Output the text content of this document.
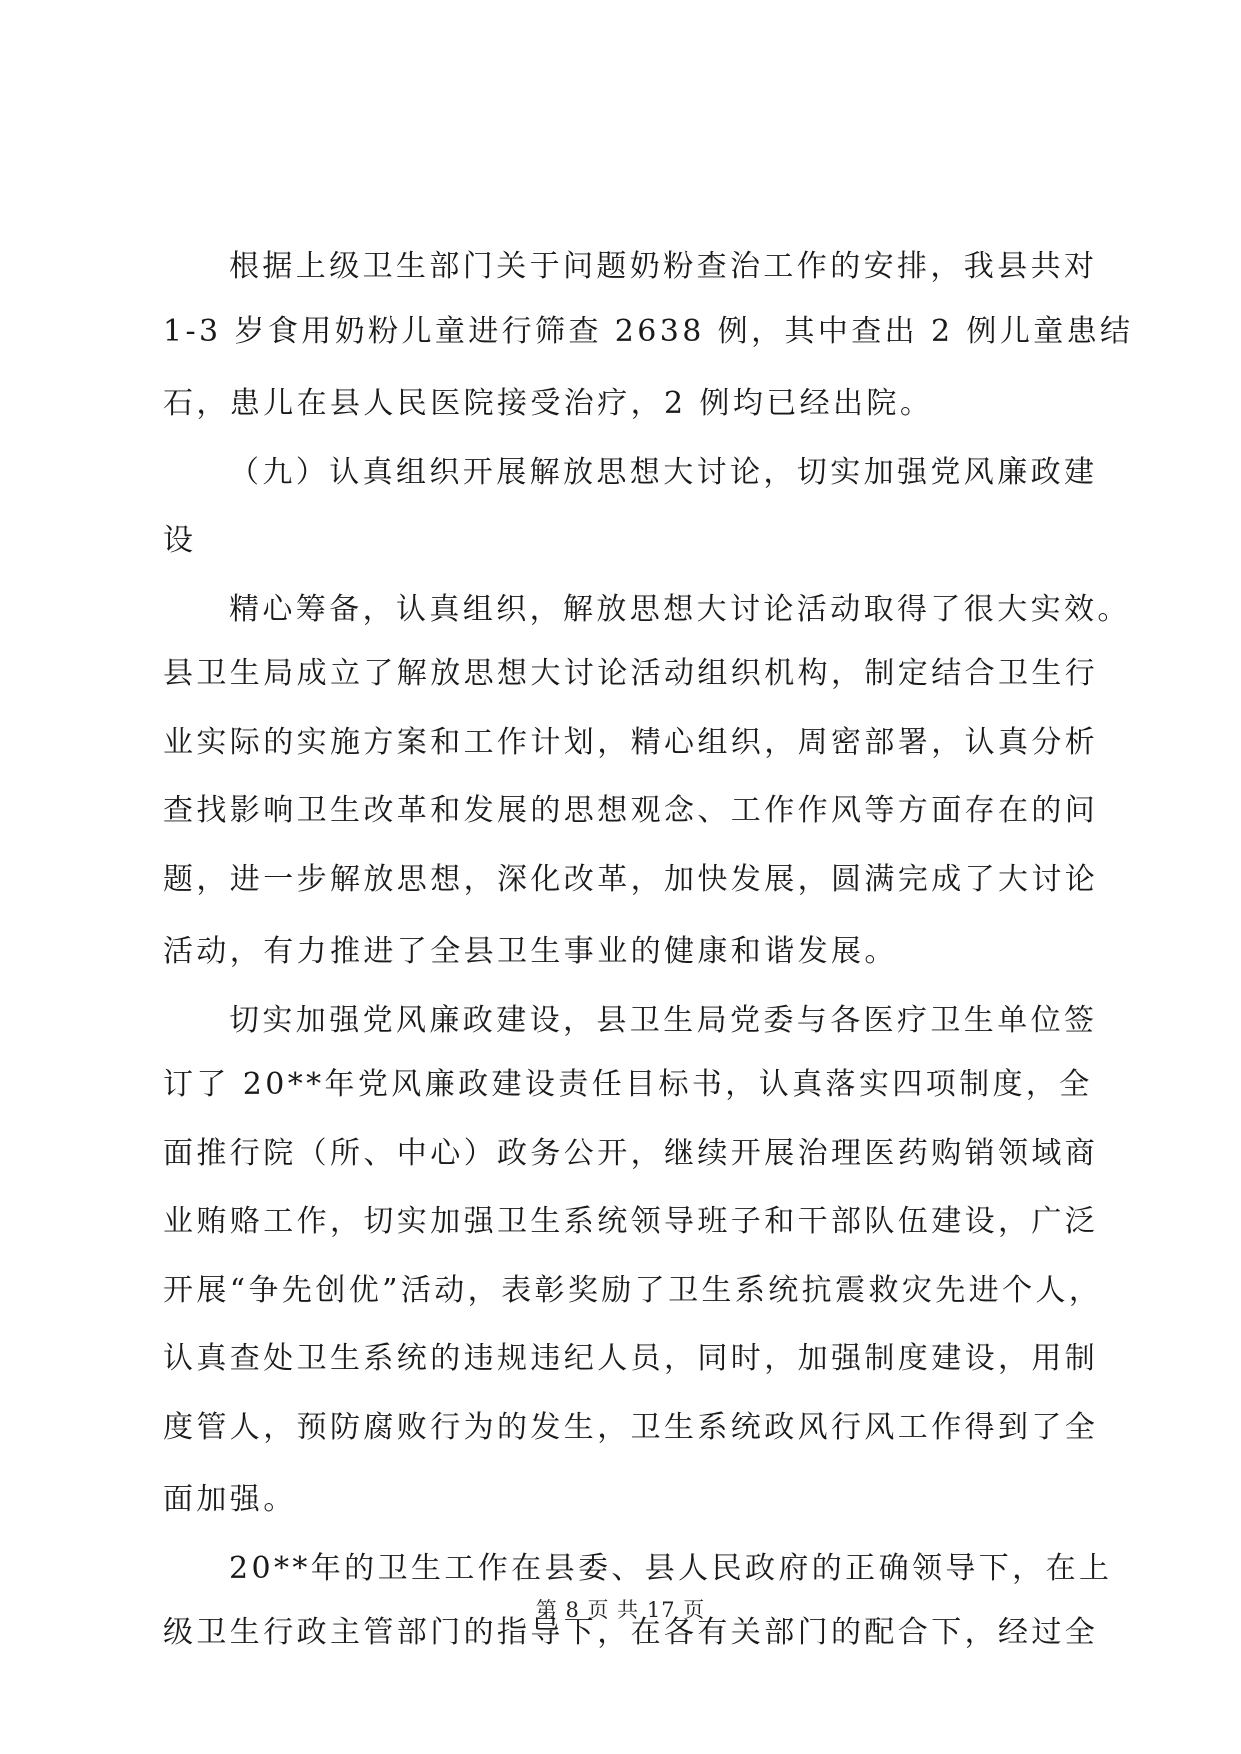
根据上级卫生部门关于问题奶粉查治工作的安排，我县共对
1-3 岁食用奶粉儿童进行筛查 2638 例，其中查出 2 例儿童患结
石，患儿在县人民医院接受治疗，2 例均已经出院。
（九）认真组织开展解放思想大讨论，切实加强党风廉政建
设
精心筹备，认真组织，解放思想大讨论活动取得了很大实效。
县卫生局成立了解放思想大讨论活动组织机构，制定结合卫生行
业实际的实施方案和工作计划，精心组织，周密部署，认真分析
查找影响卫生改革和发展的思想观念、工作作风等方面存在的问
题，进一步解放思想，深化改革，加快发展，圆满完成了大讨论
活动，有力推进了全县卫生事业的健康和谐发展。
切实加强党风廉政建设，县卫生局党委与各医疗卫生单位签
订了 20**年党风廉政建设责任目标书，认真落实四项制度，全
面推行院（所、中心）政务公开，继续开展治理医药购销领域商
业贿赂工作，切实加强卫生系统领导班子和干部队伍建设，广泛
开展“争先创优”活动，表彰奖励了卫生系统抗震救灾先进个人，
认真查处卫生系统的违规违纪人员，同时，加强制度建设，用制
度管人，预防腐败行为的发生，卫生系统政风行风工作得到了全
面加强。
20**年的卫生工作在县委、县人民政府的正确领导下，在上
级卫生行政主管部门的指导下，在各有关部门的配合下，经过全
第 8 页 共 17 页
